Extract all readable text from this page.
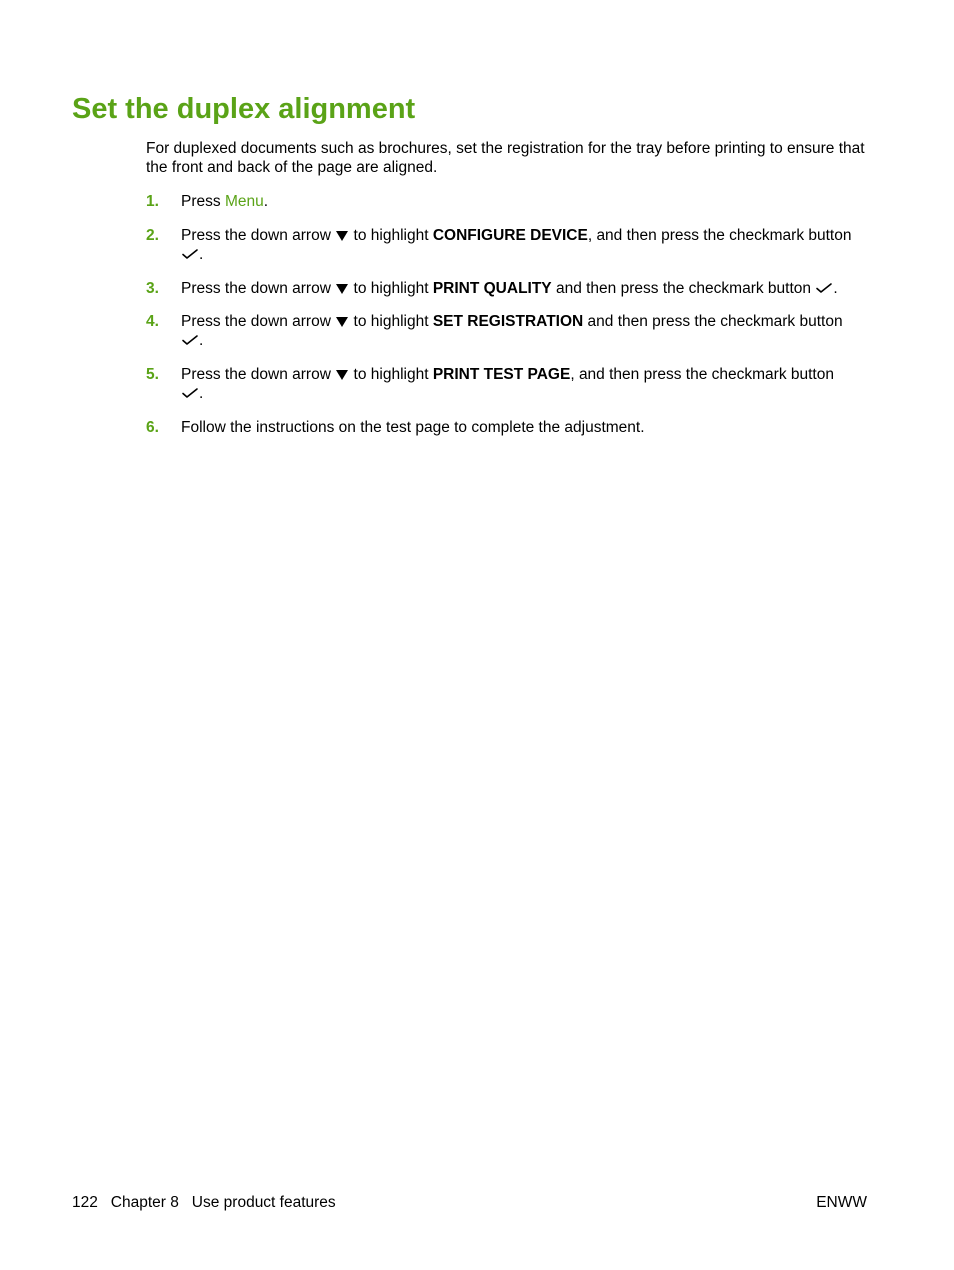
Set the duplex alignment

For duplexed documents such as brochures, set the registration for the tray before printing to ensure that the front and back of the page are aligned.

1. Press Menu.
2. Press the down arrow  to highlight CONFIGURE DEVICE, and then press the checkmark button
.
3. Press the down arrow  to highlight PRINT QUALITY and then press the checkmark button .
4. Press the down arrow  to highlight SET REGISTRATION and then press the checkmark button
.
5. Press the down arrow  to highlight PRINT TEST PAGE, and then press the checkmark button
.
6. Follow the instructions on the test page to complete the adjustment.
122 Chapter 8 Use product features	ENWW
